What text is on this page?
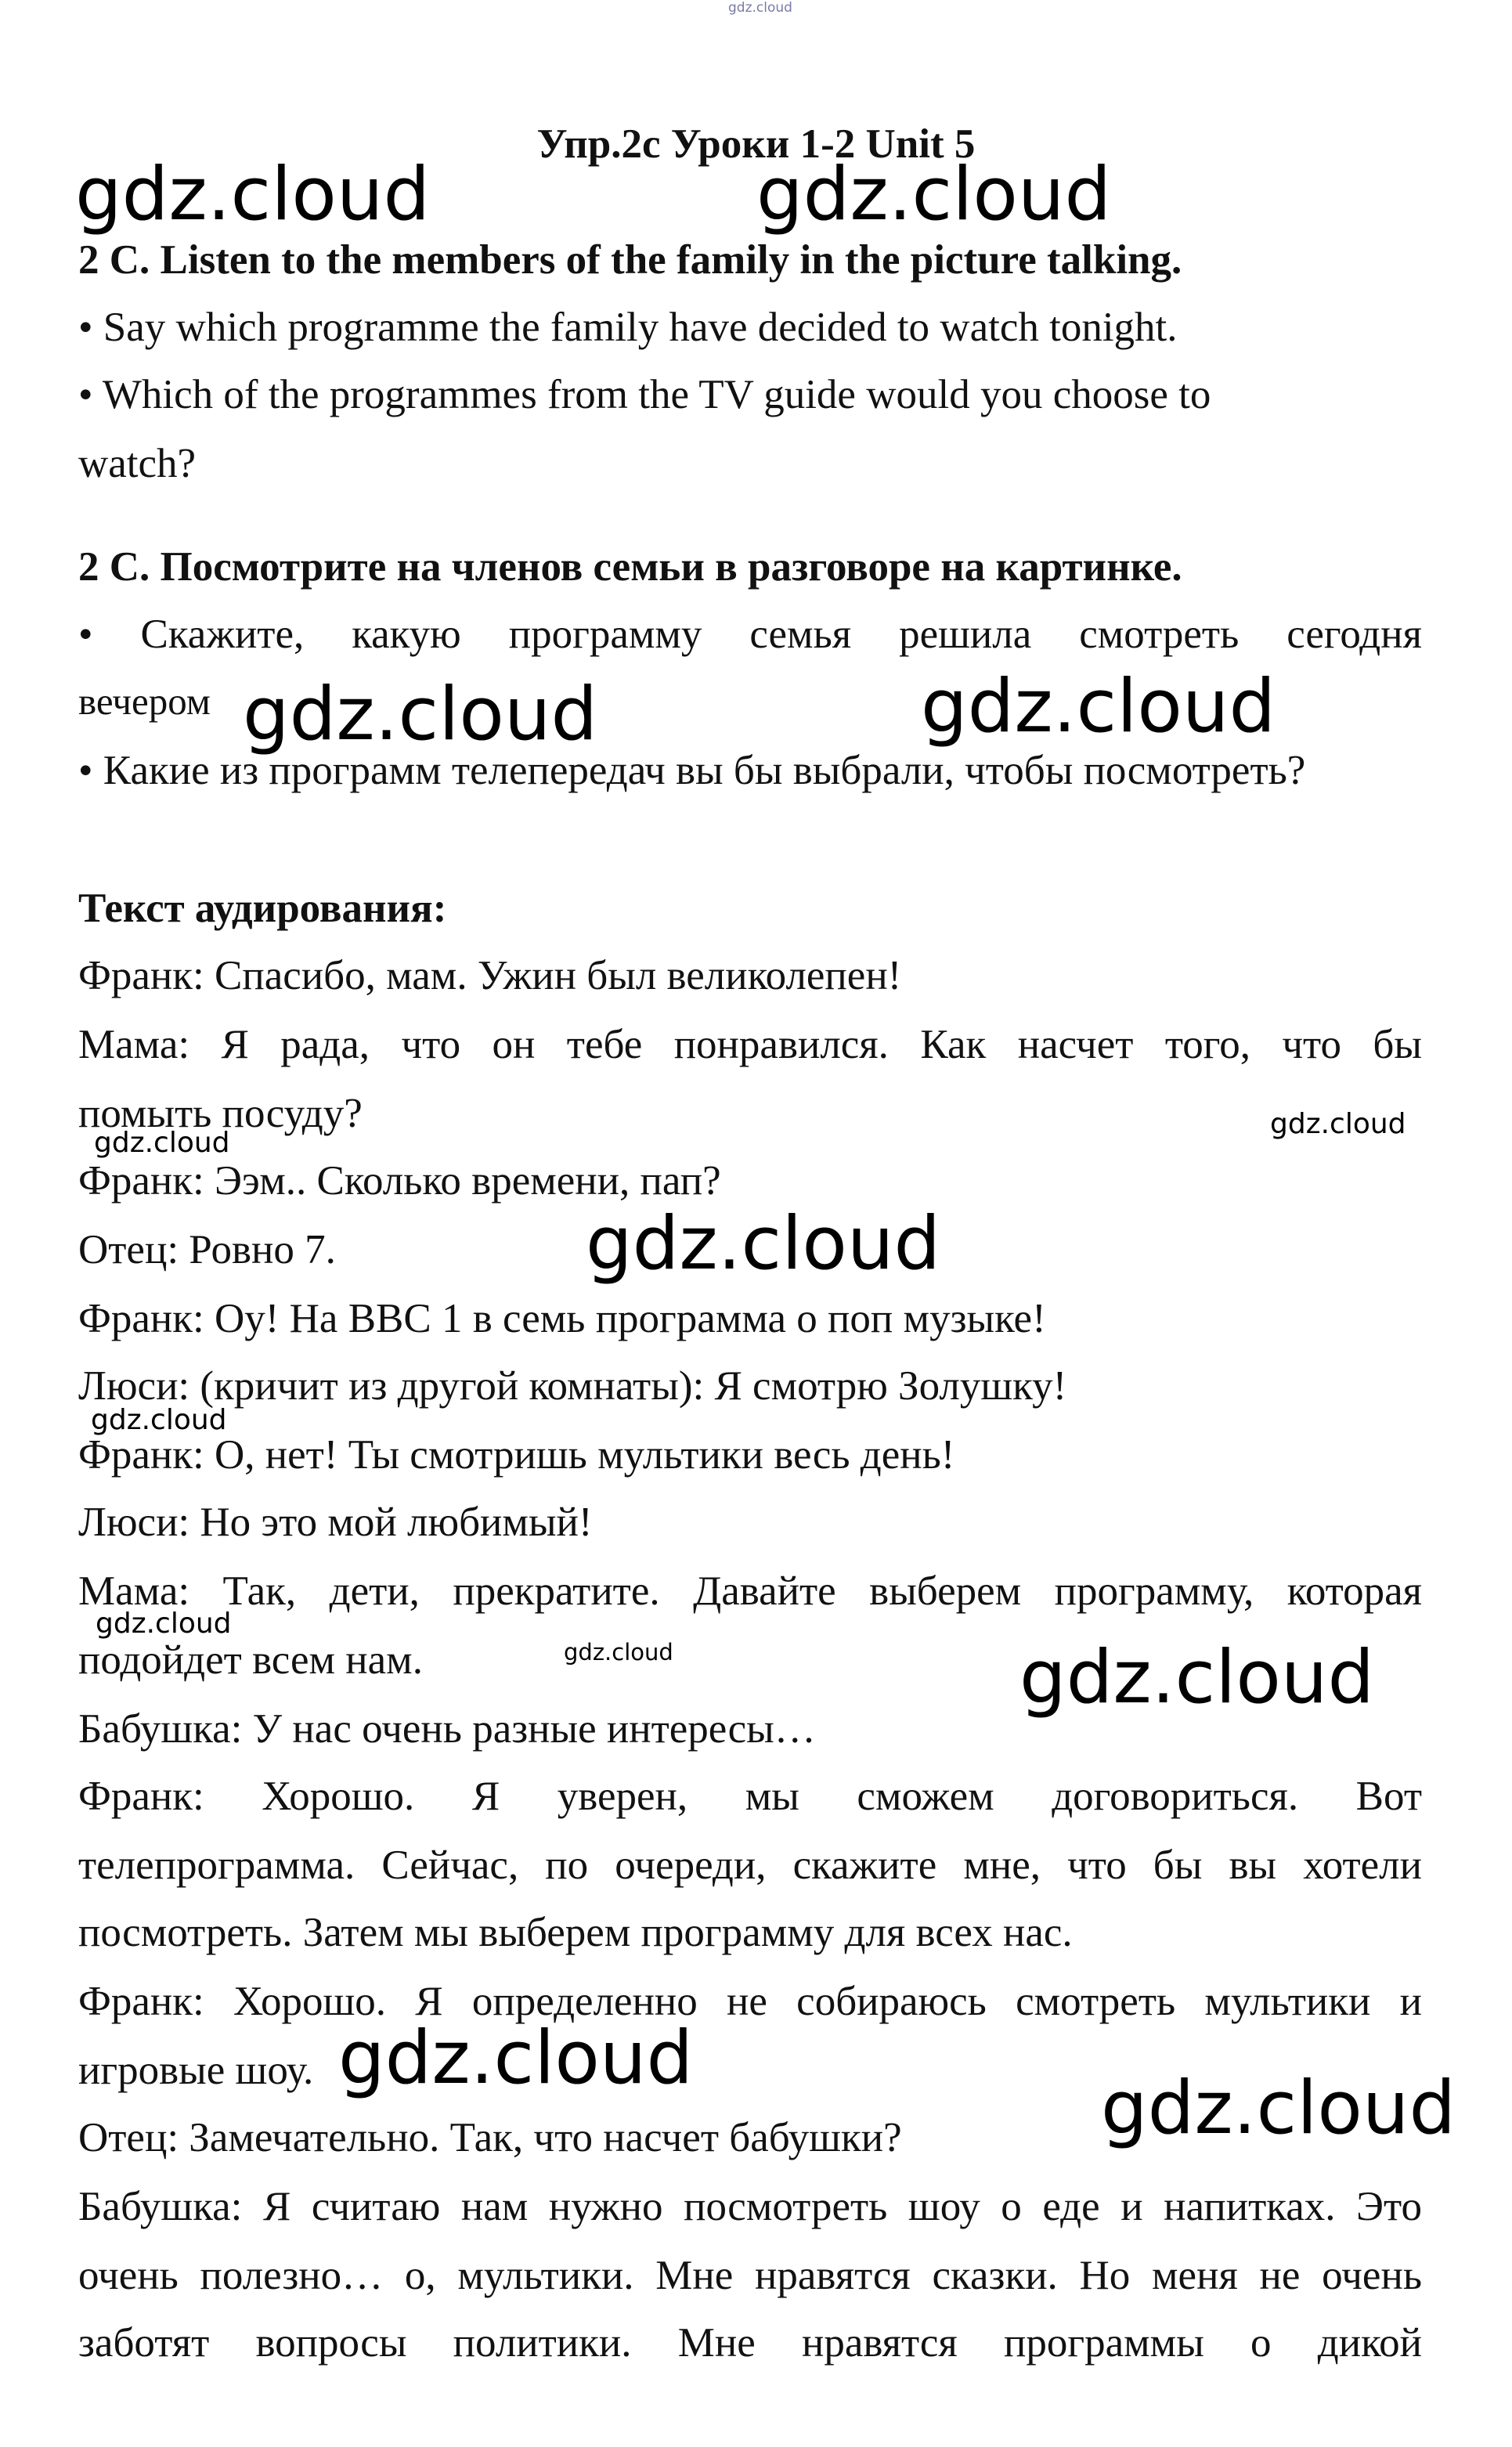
gdz.cloud
Упр.2с Уроки 1-2 Unit 5
2 C. Listen to the members of the family in the picture talking.
• Say which programme the family have decided to watch tonight.
• Which of the programmes from the TV guide would you choose to
watch?
2 C. Посмотрите на членов семьи в разговоре на картинке.
• Скажите, какую программу семья решила смотреть сегодня
вечером
• Какие из программ телепередач вы бы выбрали, чтобы посмотреть?
Текст аудирования:
Франк: Спасибо, мам. Ужин был великолепен!
Мама: Я рада, что он тебе понравился. Как насчет того, что бы
помыть посуду?
Франк: Ээм.. Сколько времени, пап?
Отец: Ровно 7.
Франк: Оу! На BBC 1 в семь программа о поп музыке!
Люси: (кричит из другой комнаты): Я смотрю Золушку!
Франк: О, нет! Ты смотришь мультики весь день!
Люси: Но это мой любимый!
Мама: Так, дети, прекратите. Давайте выберем программу, которая
подойдет всем нам.
Бабушка: У нас очень разные интересы…
Франк: Хорошо. Я уверен, мы сможем договориться. Вот
телепрограмма. Сейчас, по очереди, скажите мне, что бы вы хотели
посмотреть. Затем мы выберем программу для всех нас.
Франк: Хорошо. Я определенно не собираюсь смотреть мультики и
игровые шоу.
Отец: Замечательно. Так, что насчет бабушки?
Бабушка: Я считаю нам нужно посмотреть шоу о еде и напитках. Это
очень полезно… о, мультики. Мне нравятся сказки. Но меня не очень
заботят вопросы политики. Мне нравятся программы о дикой
gdz.cloud	gdz.cloud
gdz.cloud	gdz.cloud
gdz.cloud
gdz.cloud
gdz.cloud
gdz.cloud
gdz.cloud
gdz.cloud	gdz.cloud
gdz.cloud
gdz.cloud
